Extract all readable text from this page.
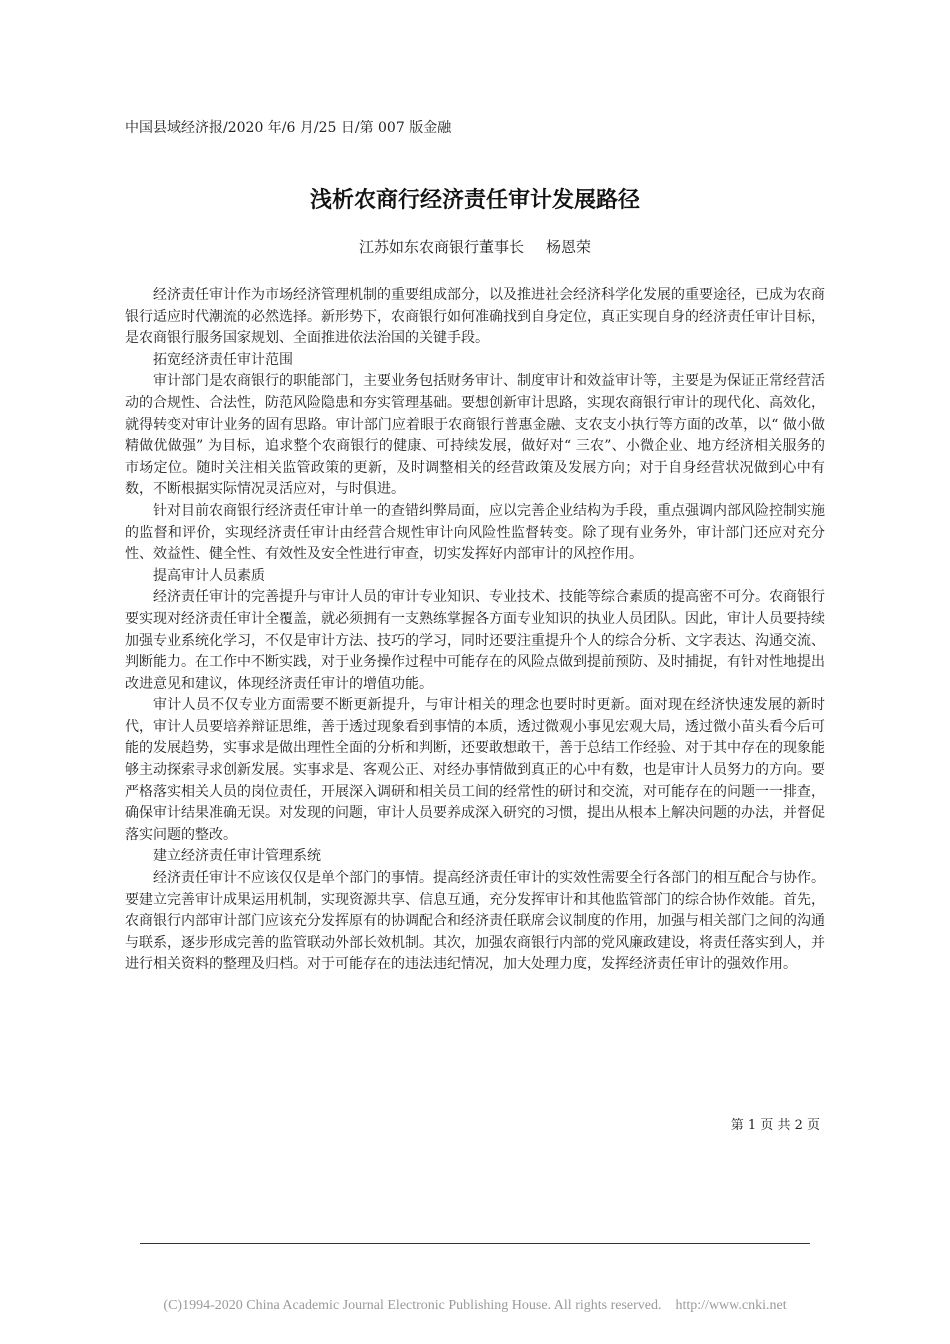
中国县域经济报/2020 年/6 月/25 日/第 007 版金融
浅析农商行经济责任审计发展路径
江苏如东农商银行董事长 杨恩荣

经济责任审计作为市场经济管理机制的重要组成部分，以及推进社会经济科学化发展的重要途径，已成为农商银行适应时代潮流的必然选择。新形势下，农商银行如何准确找到自身定位，真正实现自身的经济责任审计目标，是农商银行服务国家规划、全面推进依法治国的关键手段。

拓宽经济责任审计范围

审计部门是农商银行的职能部门，主要业务包括财务审计、制度审计和效益审计等，主要是为保证正常经营活动的合规性、合法性，防范风险隐患和夯实管理基础。要想创新审计思路，实现农商银行审计的现代化、高效化，就得转变对审计业务的固有思路。审计部门应着眼于农商银行普惠金融、支农支小执行等方面的改革，以“ 做小做精做优做强” 为目标，追求整个农商银行的健康、可持续发展，做好对“ 三农”、小微企业、地方经济相关服务的市场定位。随时关注相关监管政策的更新，及时调整相关的经营政策及发展方向；对于自身经营状况做到心中有数，不断根据实际情况灵活应对，与时俱进。

针对目前农商银行经济责任审计单一的查错纠弊局面，应以完善企业结构为手段，重点强调内部风险控制实施的监督和评价，实现经济责任审计由经营合规性审计向风险性监督转变。除了现有业务外，审计部门还应对充分性、效益性、健全性、有效性及安全性进行审查，切实发挥好内部审计的风控作用。

提高审计人员素质

经济责任审计的完善提升与审计人员的审计专业知识、专业技术、技能等综合素质的提高密不可分。农商银行要实现对经济责任审计全覆盖，就必须拥有一支熟练掌握各方面专业知识的执业人员团队。因此，审计人员要持续加强专业系统化学习，不仅是审计方法、技巧的学习，同时还要注重提升个人的综合分析、文字表达、沟通交流、判断能力。在工作中不断实践，对于业务操作过程中可能存在的风险点做到提前预防、及时捕捉，有针对性地提出改进意见和建议，体现经济责任审计的增值功能。

审计人员不仅专业方面需要不断更新提升，与审计相关的理念也要时时更新。面对现在经济快速发展的新时代，审计人员要培养辩证思维，善于透过现象看到事情的本质，透过微观小事见宏观大局，透过微小苗头看今后可能的发展趋势，实事求是做出理性全面的分析和判断，还要敢想敢干，善于总结工作经验、对于其中存在的现象能够主动探索寻求创新发展。实事求是、客观公正、对经办事情做到真正的心中有数，也是审计人员努力的方向。要严格落实相关人员的岗位责任，开展深入调研和相关员工间的经常性的研讨和交流，对可能存在的问题一一排查，确保审计结果准确无误。对发现的问题，审计人员要养成深入研究的习惯，提出从根本上解决问题的办法，并督促落实问题的整改。

建立经济责任审计管理系统

经济责任审计不应该仅仅是单个部门的事情。提高经济责任审计的实效性需要全行各部门的相互配合与协作。要建立完善审计成果运用机制，实现资源共享、信息互通，充分发挥审计和其他监管部门的综合协作效能。首先，农商银行内部审计部门应该充分发挥原有的协调配合和经济责任联席会议制度的作用，加强与相关部门之间的沟通与联系，逐步形成完善的监管联动外部长效机制。其次，加强农商银行内部的党风廉政建设，将责任落实到人，并进行相关资料的整理及归档。对于可能存在的违法违纪情况，加大处理力度，发挥经济责任审计的强效作用。

第 1 页 共 2 页
(C)1994-2020 China Academic Journal Electronic Publishing House. All rights reserved. http://www.cnki.net
